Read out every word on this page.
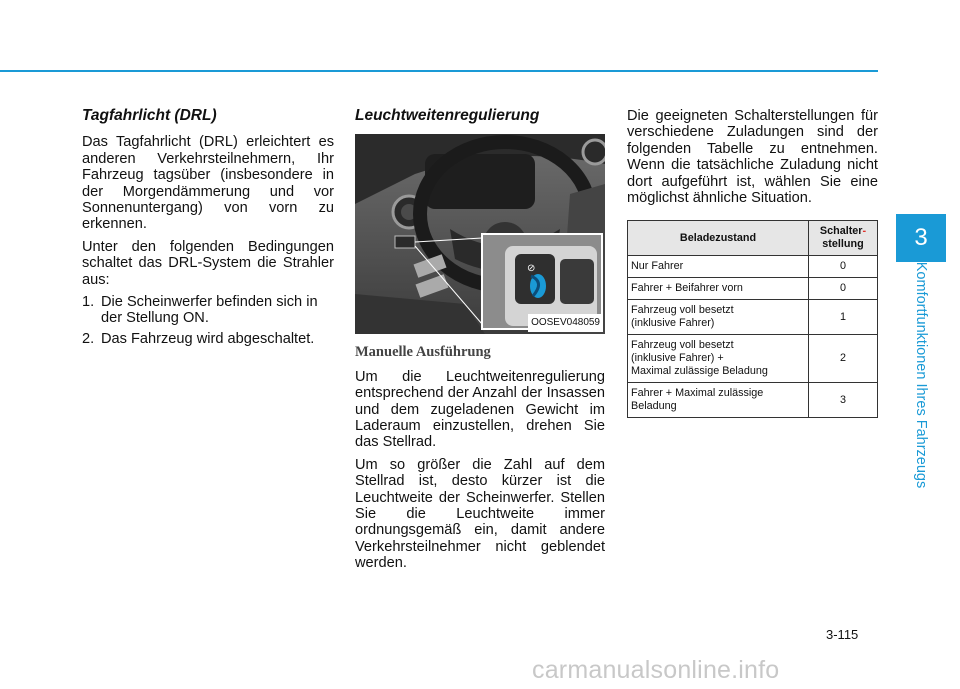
Tagfahrlicht (DRL)

Das Tagfahrlicht (DRL) erleichtert es anderen Verkehrsteilnehmern, Ihr Fahrzeug tagsüber (insbesondere in der Morgendämmerung und vor Sonnenuntergang) von vorn zu erkennen.

Unter den folgenden Bedingungen schaltet das DRL-System die Strahler aus:

1. Die Scheinwerfer befinden sich in der Stellung ON.
2. Das Fahrzeug wird abgeschaltet.
Leuchtweitenregulierung
⊘
OOSEV048059
Manuelle Ausführung

Um die Leuchtweitenregulierung entsprechend der Anzahl der Insassen und dem zugeladenen Gewicht im Laderaum einzustellen, drehen Sie das Stellrad.

Um so größer die Zahl auf dem Stellrad ist, desto kürzer ist die Leuchtweite der Scheinwerfer. Stellen Sie die Leuchtweite immer ordnungsgemäß ein, damit andere Verkehrsteilnehmer nicht geblendet werden.

Die geeigneten Schalterstellungen für verschiedene Zuladungen sind der folgenden Tabelle zu entnehmen. Wenn die tatsächliche Zuladung nicht dort aufgeführt ist, wählen Sie eine möglichst ähnliche Situation.

Beladezustand	Schalter-
stellung
Nur Fahrer	0
Fahrer + Beifahrer vorn	0
Fahrzeug voll besetzt
(inklusive Fahrer)	1
Fahrzeug voll besetzt
(inklusive Fahrer) +
Maximal zulässige Beladung	2
Fahrer + Maximal zulässige
Beladung	3
3
Komfortfunktionen Ihres Fahrzeugs
3-115
carmanualsonline.info
